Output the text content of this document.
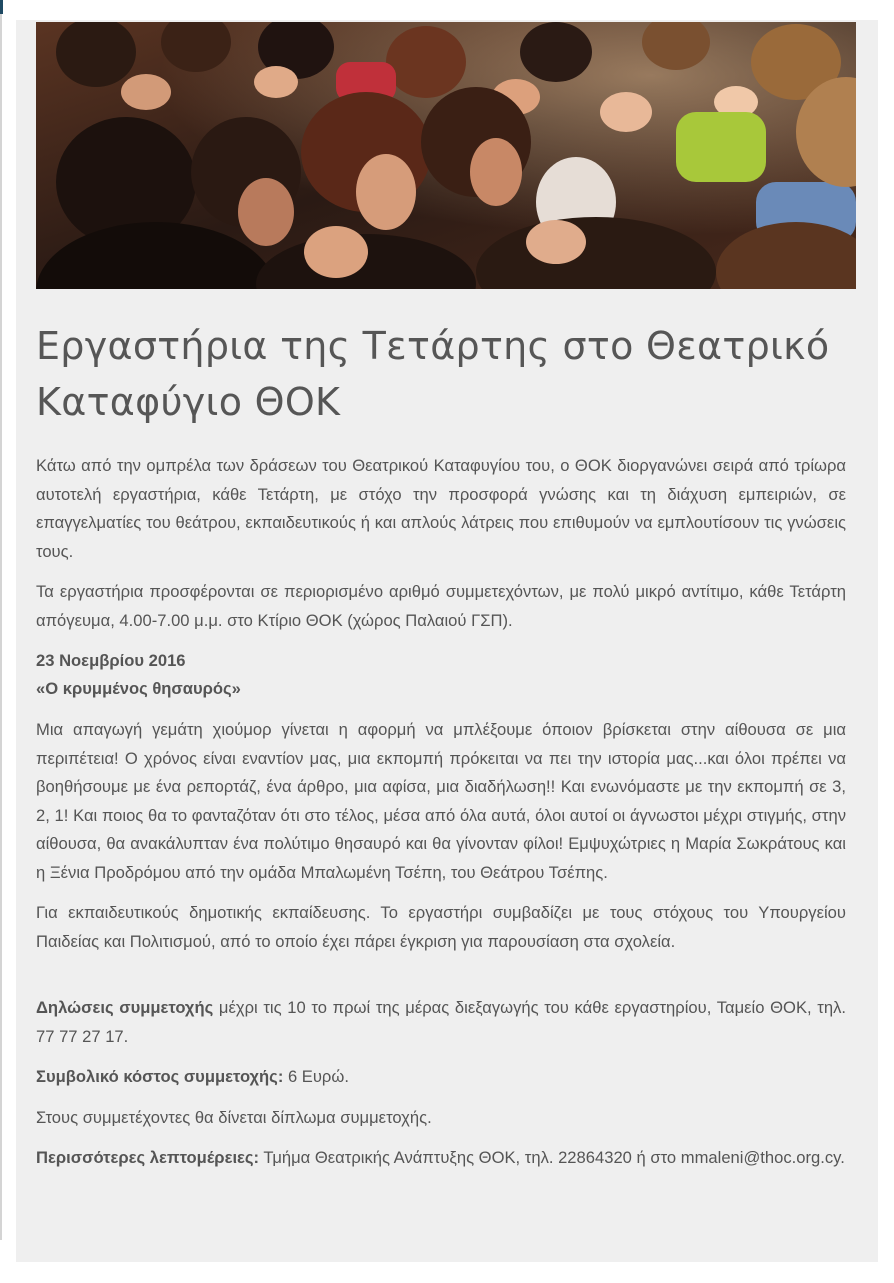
Εργαστήρια της Τετάρτης στο Θεατρικό Καταφύγιο ΘΟΚ

Κάτω από την ομπρέλα των δράσεων του Θεατρικού Καταφυγίου του, ο ΘΟΚ διοργανώνει σειρά από τρίωρα αυτοτελή εργαστήρια, κάθε Τετάρτη, με στόχο την προσφορά γνώσης και τη διάχυση εμπειριών, σε επαγγελματίες του θεάτρου, εκπαιδευτικούς ή και απλούς λάτρεις που επιθυμούν να εμπλουτίσουν τις γνώσεις τους.

Τα εργαστήρια προσφέρονται σε περιορισμένο αριθμό συμμετεχόντων, με πολύ μικρό αντίτιμο, κάθε Τετάρτη απόγευμα, 4.00-7.00 μ.μ. στο Κτίριο ΘΟΚ (χώρος Παλαιού ΓΣΠ).

23 Νοεμβρίου 2016
«Ο κρυμμένος θησαυρός»

Μια απαγωγή γεμάτη χιούμορ γίνεται η αφορμή να μπλέξουμε όποιον βρίσκεται στην αίθουσα σε μια περιπέτεια! Ο χρόνος είναι εναντίον μας, μια εκπομπή πρόκειται να πει την ιστορία μας...και όλοι πρέπει να βοηθήσουμε με ένα ρεπορτάζ, ένα άρθρο, μια αφίσα, μια διαδήλωση!! Και ενωνόμαστε με την εκπομπή σε 3, 2, 1! Και ποιος θα το φανταζόταν ότι στο τέλος, μέσα από όλα αυτά, όλοι αυτοί οι άγνωστοι μέχρι στιγμής, στην αίθουσα, θα ανακάλυπταν ένα πολύτιμο θησαυρό και θα γίνονταν φίλοι! Εμψυχώτριες η Μαρία Σωκράτους και η Ξένια Προδρόμου από την ομάδα Μπαλωμένη Τσέπη, του Θεάτρου Τσέπης.

Για εκπαιδευτικούς δημοτικής εκπαίδευσης. Το εργαστήρι συμβαδίζει με τους στόχους του Υπουργείου Παιδείας και Πολιτισμού, από το οποίο έχει πάρει έγκριση για παρουσίαση στα σχολεία.

Δηλώσεις συμμετοχής μέχρι τις 10 το πρωί της μέρας διεξαγωγής του κάθε εργαστηρίου, Ταμείο ΘΟΚ, τηλ. 77 77 27 17.

Συμβολικό κόστος συμμετοχής: 6 Ευρώ.

Στους συμμετέχοντες θα δίνεται δίπλωμα συμμετοχής.

Περισσότερες λεπτομέρειες: Τμήμα Θεατρικής Ανάπτυξης ΘΟΚ, τηλ. 22864320 ή στο mmaleni@thoc.org.cy.
